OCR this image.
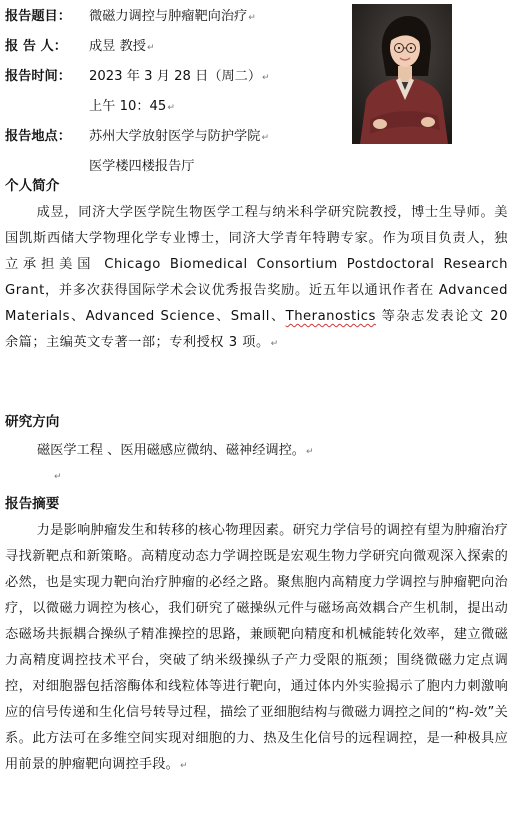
报告题目： 微磁力调控与肿瘤靶向治疗↵
报 告 人： 成昱 教授↵
报告时间： 2023 年 3 月 28 日（周二）↵
上午 10：45↵
报告地点： 苏州大学放射医学与防护学院↵
医学楼四楼报告厅
个人简介
成昱，同济大学医学院生物医学工程与纳米科学研究院教授，博士生导师。美国凯斯西储大学物理化学专业博士，同济大学青年特聘专家。作为项目负责人，独立承担美国 Chicago Biomedical Consortium Postdoctoral Research Grant，并多次获得国际学术会议优秀报告奖励。近五年以通讯作者在 Advanced Materials、Advanced Science、Small、Theranostics 等杂志发表论文 20 余篇；主编英文专著一部；专利授权 3 项。↵
研究方向
磁医学工程 、医用磁感应微纳、磁神经调控。↵
↵
报告摘要
力是影响肿瘤发生和转移的核心物理因素。研究力学信号的调控有望为肿瘤治疗寻找新靶点和新策略。高精度动态力学调控既是宏观生物力学研究向微观深入探索的必然，也是实现力靶向治疗肿瘤的必经之路。聚焦胞内高精度力学调控与肿瘤靶向治疗，以微磁力调控为核心，我们研究了磁操纵元件与磁场高效耦合产生机制，提出动态磁场共振耦合操纵子精准操控的思路，兼顾靶向精度和机械能转化效率，建立微磁力高精度调控技术平台，突破了纳米级操纵子产力受限的瓶颈；围绕微磁力定点调控，对细胞器包括溶酶体和线粒体等进行靶向，通过体内外实验揭示了胞内力刺激响应的信号传递和生化信号转导过程，描绘了亚细胞结构与微磁力调控之间的“构-效”关系。此方法可在多维空间实现对细胞的力、热及生化信号的远程调控，是一种极具应用前景的肿瘤靶向调控手段。↵
